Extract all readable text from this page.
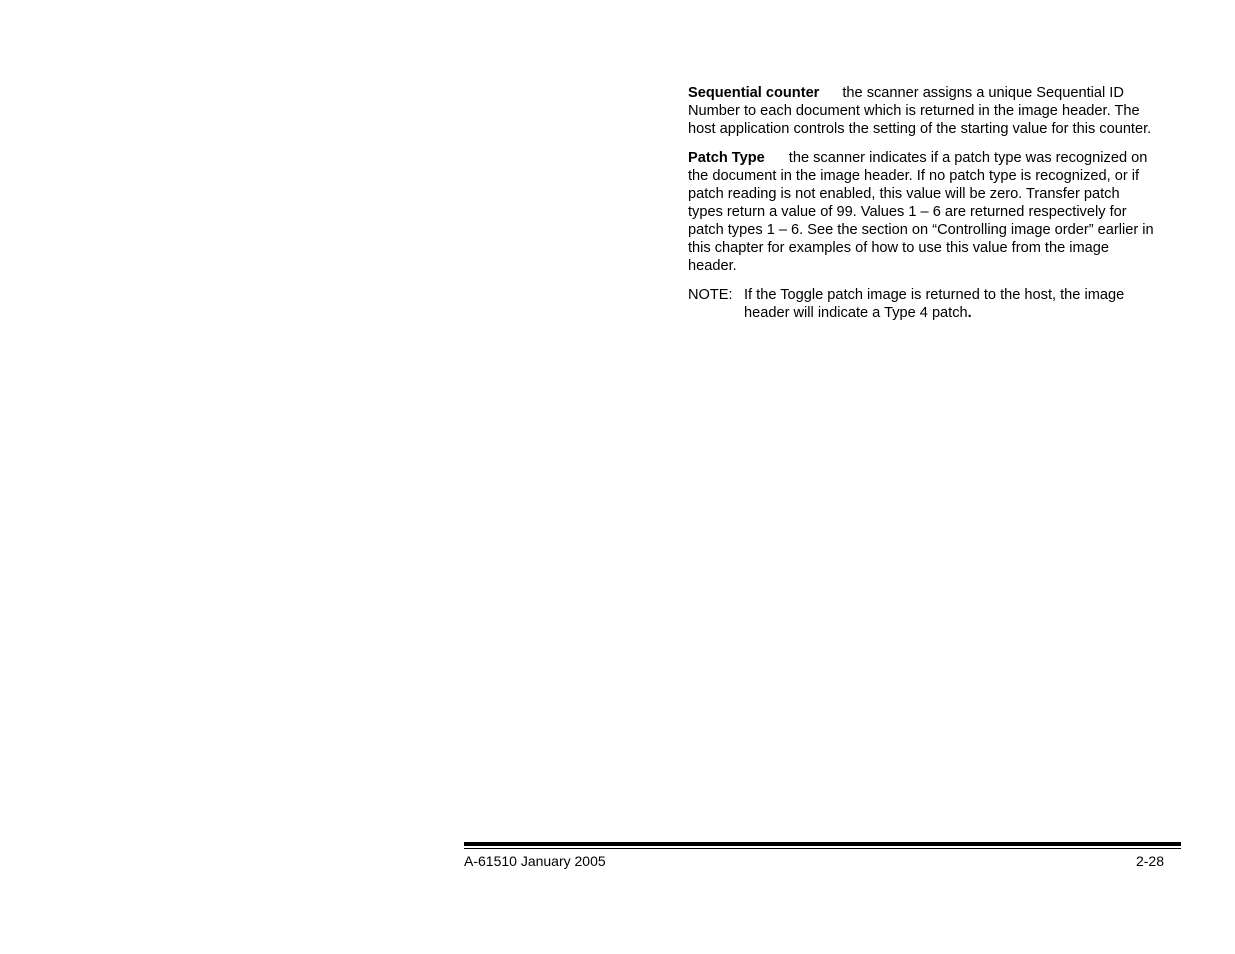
Sequential counter the scanner assigns a unique Sequential ID Number to each document which is returned in the image header. The host application controls the setting of the starting value for this counter.

Patch Type the scanner indicates if a patch type was recognized on the document in the image header. If no patch type is recognized, or if patch reading is not enabled, this value will be zero. Transfer patch types return a value of 99. Values 1 – 6 are returned respectively for patch types 1 – 6. See the section on “Controlling image order” earlier in this chapter for examples of how to use this value from the image header.

NOTE: If the Toggle patch image is returned to the host, the image header will indicate a Type 4 patch.
A-61510 January 2005	2-28
